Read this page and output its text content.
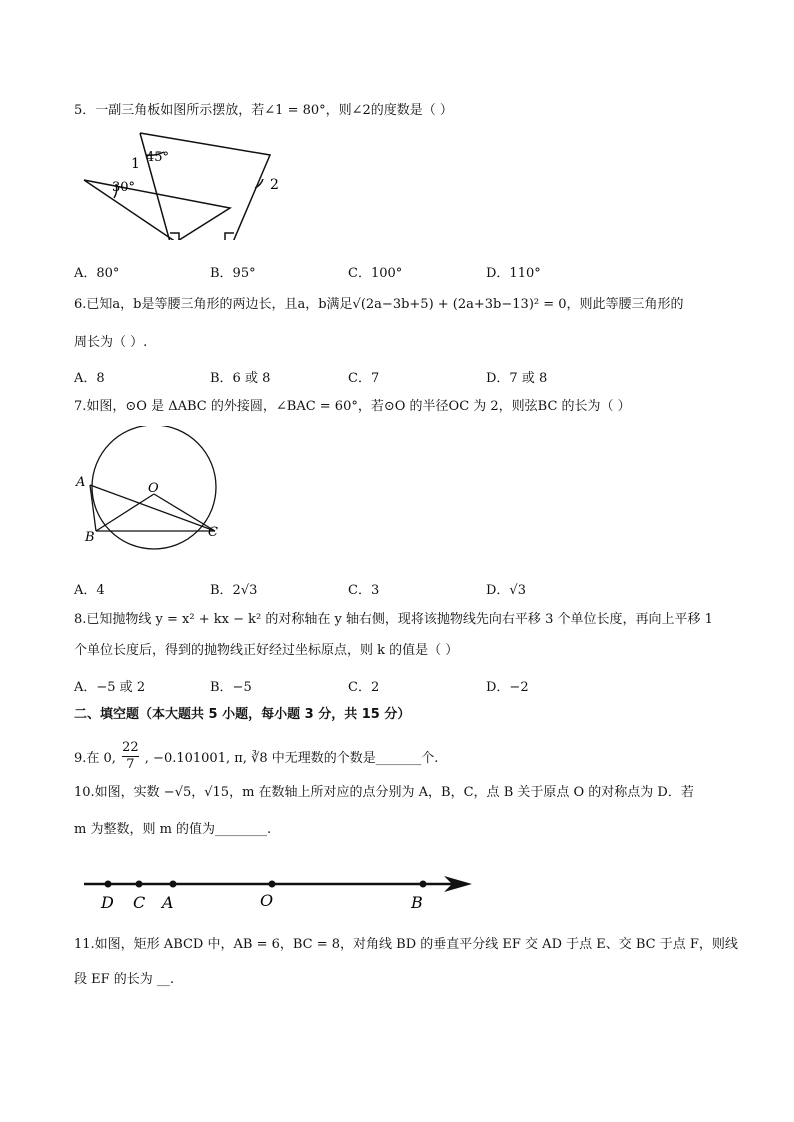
5．一副三角板如图所示摆放，若∠1 = 80°，则∠2的度数是（ ）
45°
30°
1
2
A．80°	B．95°	C．100°	D．110°
6.已知a，b是等腰三角形的两边长，且a，b满足√(2a−3b+5) + (2a+3b−13)² = 0，则此等腰三角形的
周长为（ ）.
A．8	B．6 或 8	C．7	D．7 或 8
7.如图，⊙O 是 ΔABC 的外接圆，∠BAC = 60°，若⊙O 的半径OC 为 2，则弦BC 的长为（ ）
A	O
B	C
A．4	B．2√3	C．3	D．√3
8.已知抛物线 y = x² + kx − k² 的对称轴在 y 轴右侧，现将该抛物线先向右平移 3 个单位长度，再向上平移 1
个单位长度后，得到的抛物线正好经过坐标原点，则 k 的值是（ ）
A．−5 或 2	B．−5	C．2	D．−2
二、填空题（本大题共 5 小题，每小题 3 分，共 15 分）
9.在 0, $\frac{22}{7}$ , −0.101001, π, ∛8 中无理数的个数是_______个.
10.如图，实数 −√5，√15，m 在数轴上所对应的点分别为 A，B，C，点 B 关于原点 O 的对称点为 D．若
m 为整数，则 m 的值为________.
D C A	O	B
11.如图，矩形 ABCD 中，AB = 6，BC = 8，对角线 BD 的垂直平分线 EF 交 AD 于点 E、交 BC 于点 F，则线
段 EF 的长为 __.
